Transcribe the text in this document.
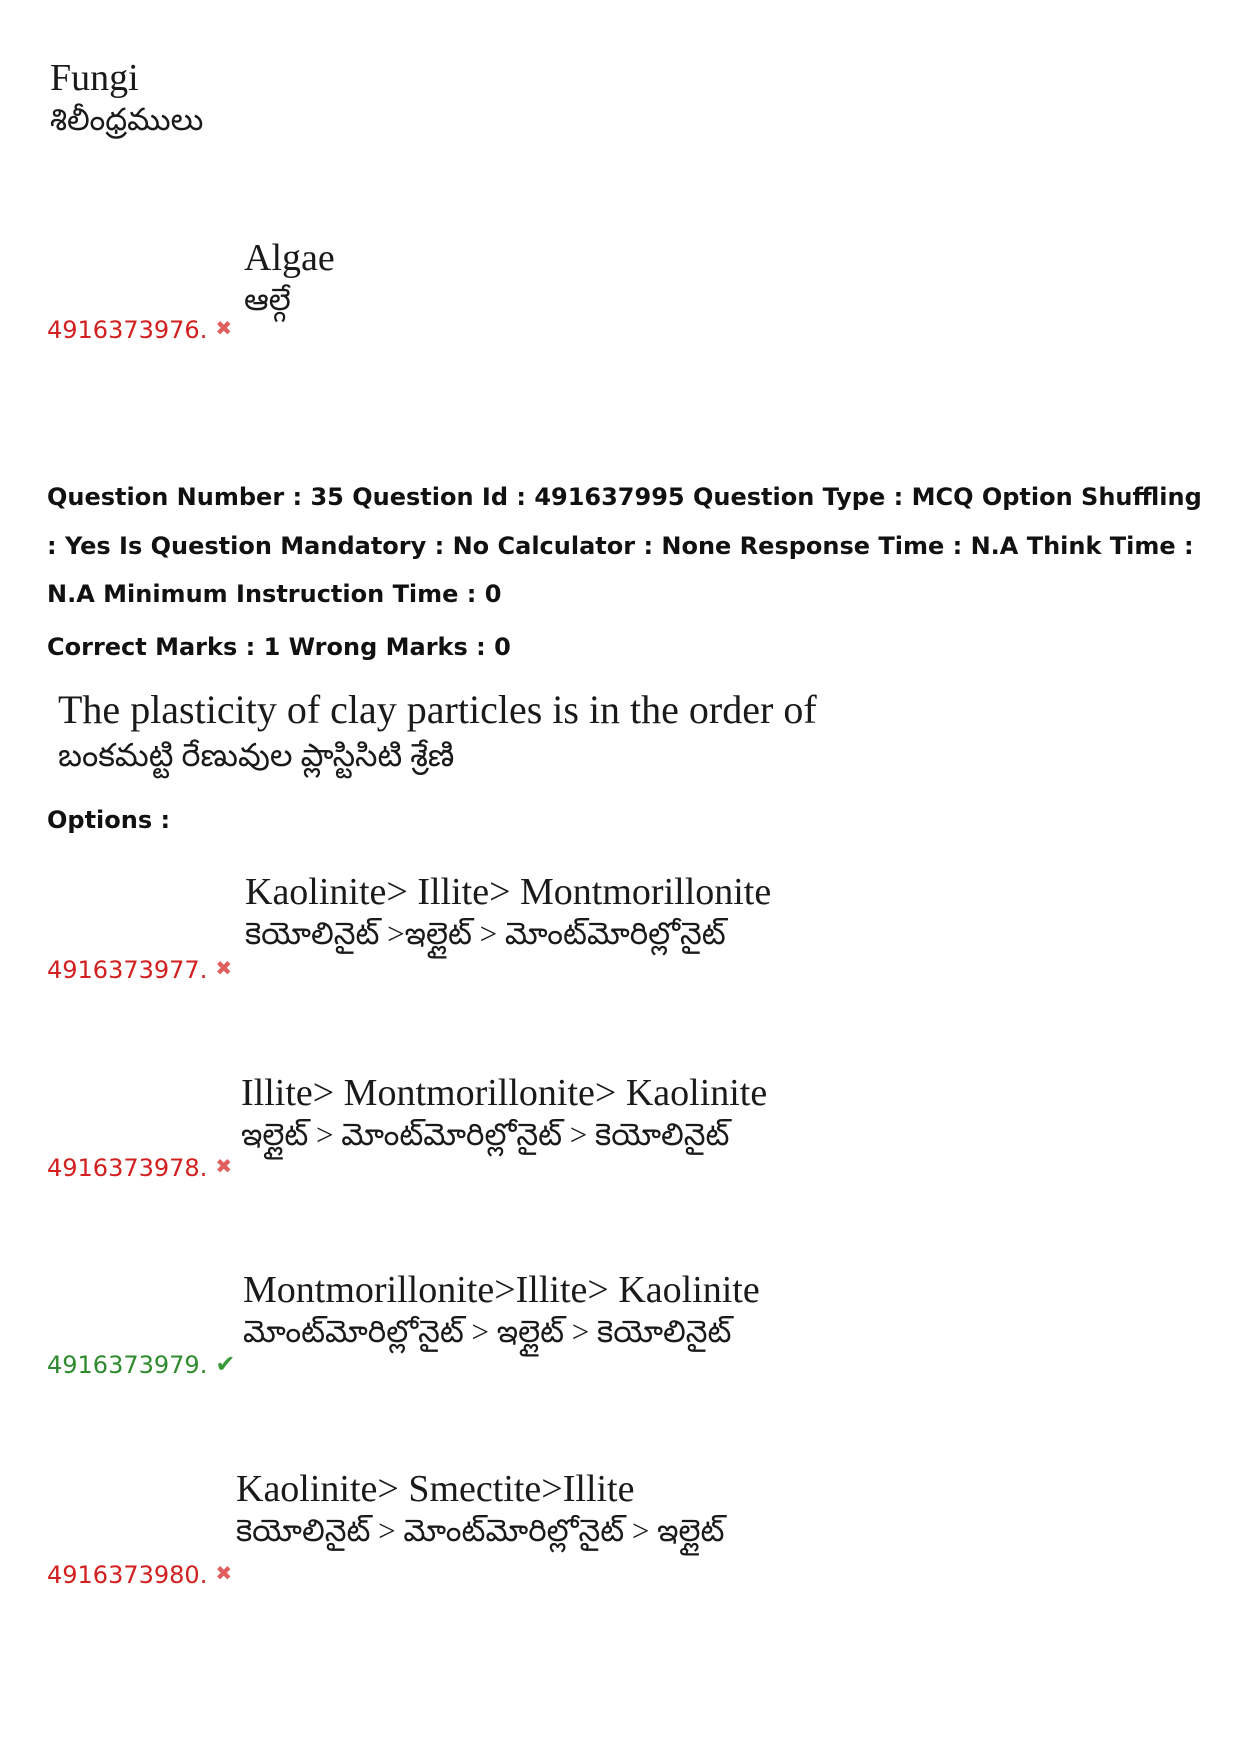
Fungi
శిలీంధ్రములు
Algae
ఆల్గే
4916373976. ✖
Question Number : 35 Question Id : 491637995 Question Type : MCQ Option Shuffling : Yes Is Question Mandatory : No Calculator : None Response Time : N.A Think Time : N.A Minimum Instruction Time : 0
Correct Marks : 1 Wrong Marks : 0
The plasticity of clay particles is in the order of
బంకమట్టి రేణువుల ప్లాస్టిసిటి శ్రేణి
Options :
Kaolinite> Illite> Montmorillonite
కెయోలినైట్ >ఇల్లైట్ > మోంట్‌మోరిల్లోనైట్
4916373977. ✖
Illite> Montmorillonite> Kaolinite
ఇల్లైట్ > మోంట్‌మోరిల్లోనైట్ > కెయోలినైట్
4916373978. ✖
Montmorillonite>Illite> Kaolinite
మోంట్‌మోరిల్లోనైట్ > ఇల్లైట్ > కెయోలినైట్
4916373979. ✔
Kaolinite> Smectite>Illite
కెయోలినైట్ > మోంట్‌మోరిల్లోనైట్ > ఇల్లైట్
4916373980. ✖
